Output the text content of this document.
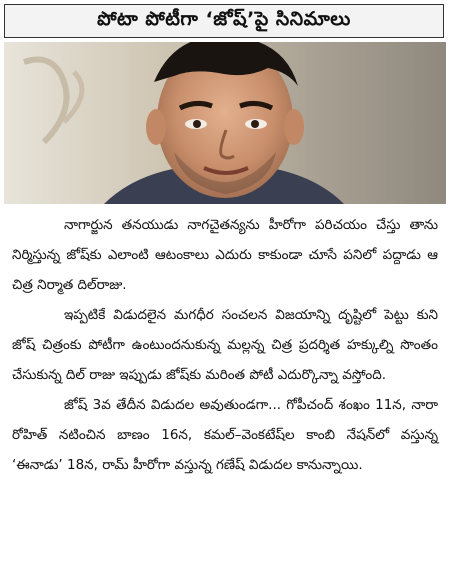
పోటా పోటీగా ‘జోష్’పై సినిమాలు

నాగార్జున తనయుడు నాగచైతన్యను హీరోగా పరిచయం చేస్తు తాను నిర్మిస్తున్న జోష్‌కు ఎలాంటి ఆటంకాలు ఎదురు కాకుండా చూసే పనిలో పద్దాడు ఆ చిత్ర నిర్మాత దిల్‌రాజు.

ఇప్పటికే విడుదలైన మగధీర సంచలన విజయాన్ని దృష్టిలో పెట్టు కుని జోష్ చిత్రంకు పోటీగా ఉంటుందనుకున్న మల్లన్న చిత్ర ప్రదర్శిత హక్కుల్ని సొంతం చేసుకున్న దిల్ రాజు ఇప్పుడు జోష్‌కు మరింత పోటీ ఎదుర్కొన్నా వస్తోంది.

జోష్ 3వ తేదీన విడుదల అవుతుండగా... గోపీచంద్ శంఖం 11న, నారా రోహిత్ నటించిన బాణం 16న, కమల్–వెంకటేష్‌ల కాంబి నేషన్‌లో వస్తున్న ‘ఈనాడు’ 18న, రామ్ హీరోగా వస్తున్న గణేష్ విడుదల కానున్నాయి.
